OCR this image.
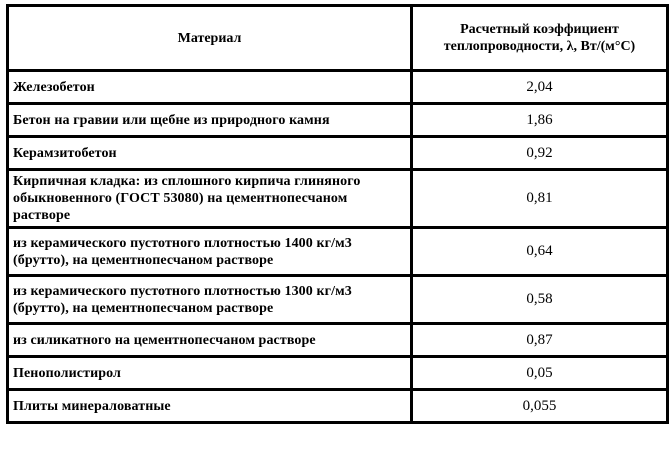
Материал	Расчетный коэффициент
теплопроводности, λ, Вт/(м°С)

Железобетон	2,04
Бетон на гравии или щебне из природного камня	1,86
Керамзитобетон	0,92
Кирпичная кладка: из сплошного кирпича глиняного обыкновенного (ГОСТ 53080) на цементнопесчаном растворе	0,81
из керамического пустотного плотностью 1400 кг/м3 (брутто), на цементнопесчаном растворе	0,64
из керамического пустотного плотностью 1300 кг/м3 (брутто), на цементнопесчаном растворе	0,58
из силикатного на цементнопесчаном растворе	0,87
Пенополистирол	0,05
Плиты минераловатные	0,055
